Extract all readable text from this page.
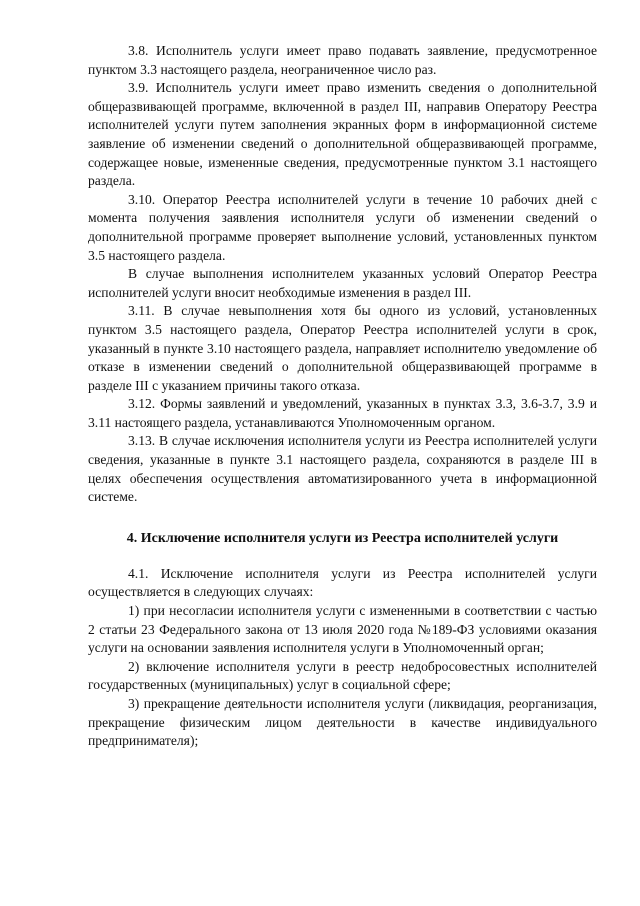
3.8. Исполнитель услуги имеет право подавать заявление, предусмотренное пунктом 3.3 настоящего раздела, неограниченное число раз.

3.9. Исполнитель услуги имеет право изменить сведения о дополнительной общеразвивающей программе, включенной в раздел III, направив Оператору Реестра исполнителей услуги путем заполнения экранных форм в информационной системе заявление об изменении сведений о дополнительной общеразвивающей программе, содержащее новые, измененные сведения, предусмотренные пунктом 3.1 настоящего раздела.

3.10. Оператор Реестра исполнителей услуги в течение 10 рабочих дней с момента получения заявления исполнителя услуги об изменении сведений о дополнительной программе проверяет выполнение условий, установленных пунктом 3.5 настоящего раздела.

В случае выполнения исполнителем указанных условий Оператор Реестра исполнителей услуги вносит необходимые изменения в раздел III.

3.11. В случае невыполнения хотя бы одного из условий, установленных пунктом 3.5 настоящего раздела, Оператор Реестра исполнителей услуги в срок, указанный в пункте 3.10 настоящего раздела, направляет исполнителю уведомление об отказе в изменении сведений о дополнительной общеразвивающей программе в разделе III с указанием причины такого отказа.

3.12. Формы заявлений и уведомлений, указанных в пунктах 3.3, 3.6-3.7, 3.9 и 3.11 настоящего раздела, устанавливаются Уполномоченным органом.

3.13. В случае исключения исполнителя услуги из Реестра исполнителей услуги сведения, указанные в пункте 3.1 настоящего раздела, сохраняются в разделе III в целях обеспечения осуществления автоматизированного учета в информационной системе.

4. Исключение исполнителя услуги из Реестра исполнителей услуги

4.1. Исключение исполнителя услуги из Реестра исполнителей услуги осуществляется в следующих случаях:

1) при несогласии исполнителя услуги с измененными в соответствии с частью 2 статьи 23 Федерального закона от 13 июля 2020 года №189-ФЗ условиями оказания услуги на основании заявления исполнителя услуги в Уполномоченный орган;

2) включение исполнителя услуги в реестр недобросовестных исполнителей государственных (муниципальных) услуг в социальной сфере;

3) прекращение деятельности исполнителя услуги (ликвидация, реорганизация, прекращение физическим лицом деятельности в качестве индивидуального предпринимателя);
